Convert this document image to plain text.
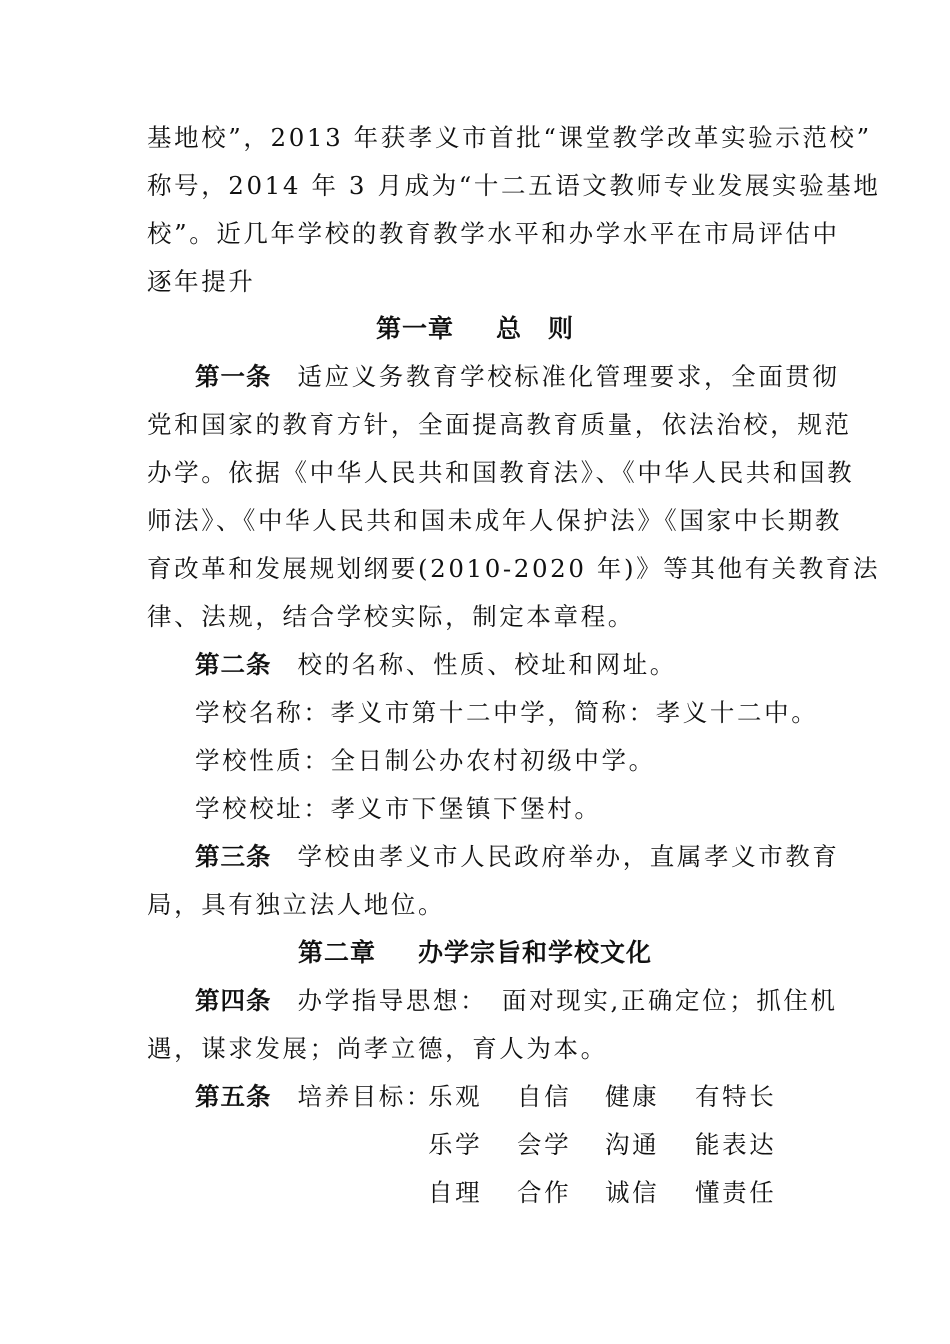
基地校”，2013 年获孝义市首批“课堂教学改革实验示范校”
称号，2014 年 3 月成为“十二五语文教师专业发展实验基地
校”。近几年学校的教育教学水平和办学水平在市局评估中
逐年提升
第一章 总　则
第一条 适应义务教育学校标准化管理要求，全面贯彻
党和国家的教育方针，全面提高教育质量，依法治校，规范
办学。依据《中华人民共和国教育法》、《中华人民共和国教
师法》、《中华人民共和国未成年人保护法》《国家中长期教
育改革和发展规划纲要(2010-2020 年)》等其他有关教育法
律、法规，结合学校实际，制定本章程。
第二条 校的名称、性质、校址和网址。
学校名称：孝义市第十二中学，简称：孝义十二中。
学校性质：全日制公办农村初级中学。
学校校址：孝义市下堡镇下堡村。
第三条 学校由孝义市人民政府举办，直属孝义市教育
局，具有独立法人地位。
第二章 办学宗旨和学校文化
第四条 办学指导思想：　面对现实,正确定位；抓住机
遇，谋求发展；尚孝立德，育人为本。
第五条 培养目标：
乐观 自信 健康 有特长
乐学 会学 沟通 能表达
自理 合作 诚信 懂责任
